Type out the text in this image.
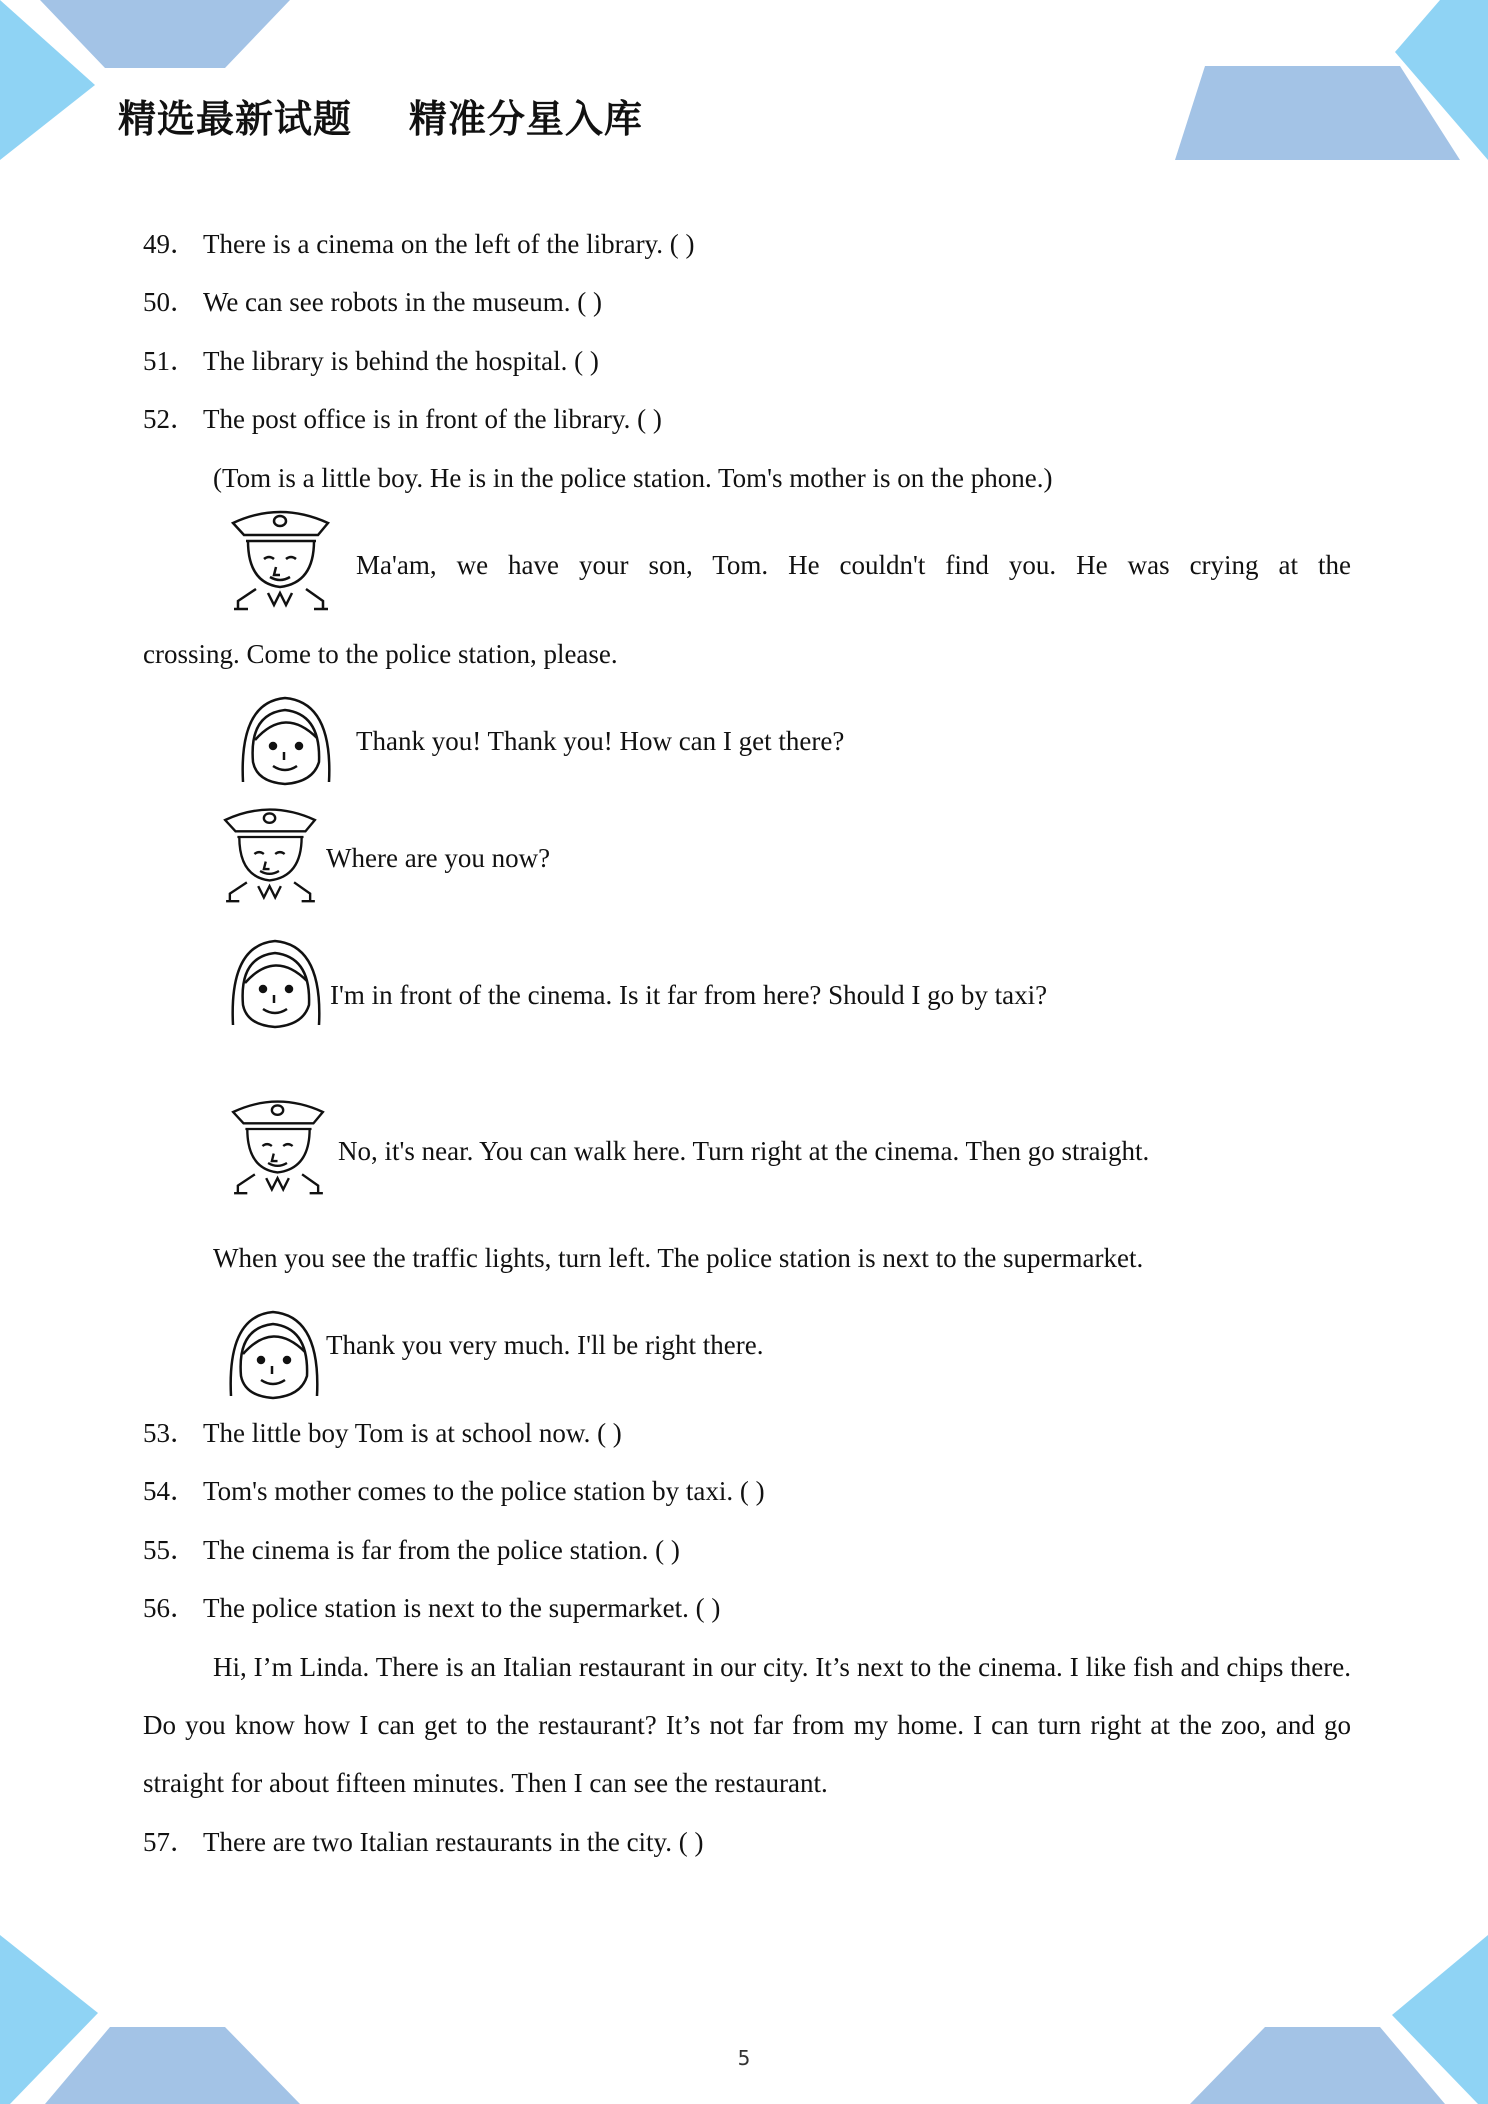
精选最新试题    精准分星入库
49． There is a cinema on the left of the library. ( )
50． We can see robots in the museum. ( )
51． The library is behind the hospital. ( )
52． The post office is in front of the library. ( )
(Tom is a little boy. He is in the police station. Tom's mother is on the phone.)
Ma'am, we have your son, Tom. He couldn't find you. He was crying at the
crossing. Come to the police station, please.
Thank you! Thank you! How can I get there?
Where are you now?
I'm in front of the cinema. Is it far from here? Should I go by taxi?
No, it's near. You can walk here. Turn right at the cinema. Then go straight.
When you see the traffic lights, turn left. The police station is next to the supermarket.
Thank you very much. I'll be right there.
53． The little boy Tom is at school now. ( )
54． Tom's mother comes to the police station by taxi. ( )
55． The cinema is far from the police station. ( )
56． The police station is next to the supermarket. ( )
Hi, I’m Linda. There is an Italian restaurant in our city. It’s next to the cinema. I like fish and chips there. Do you know how I can get to the restaurant? It’s not far from my home. I can turn right at the zoo, and go straight for about fifteen minutes. Then I can see the restaurant.
57． There are two Italian restaurants in the city. ( )
5
